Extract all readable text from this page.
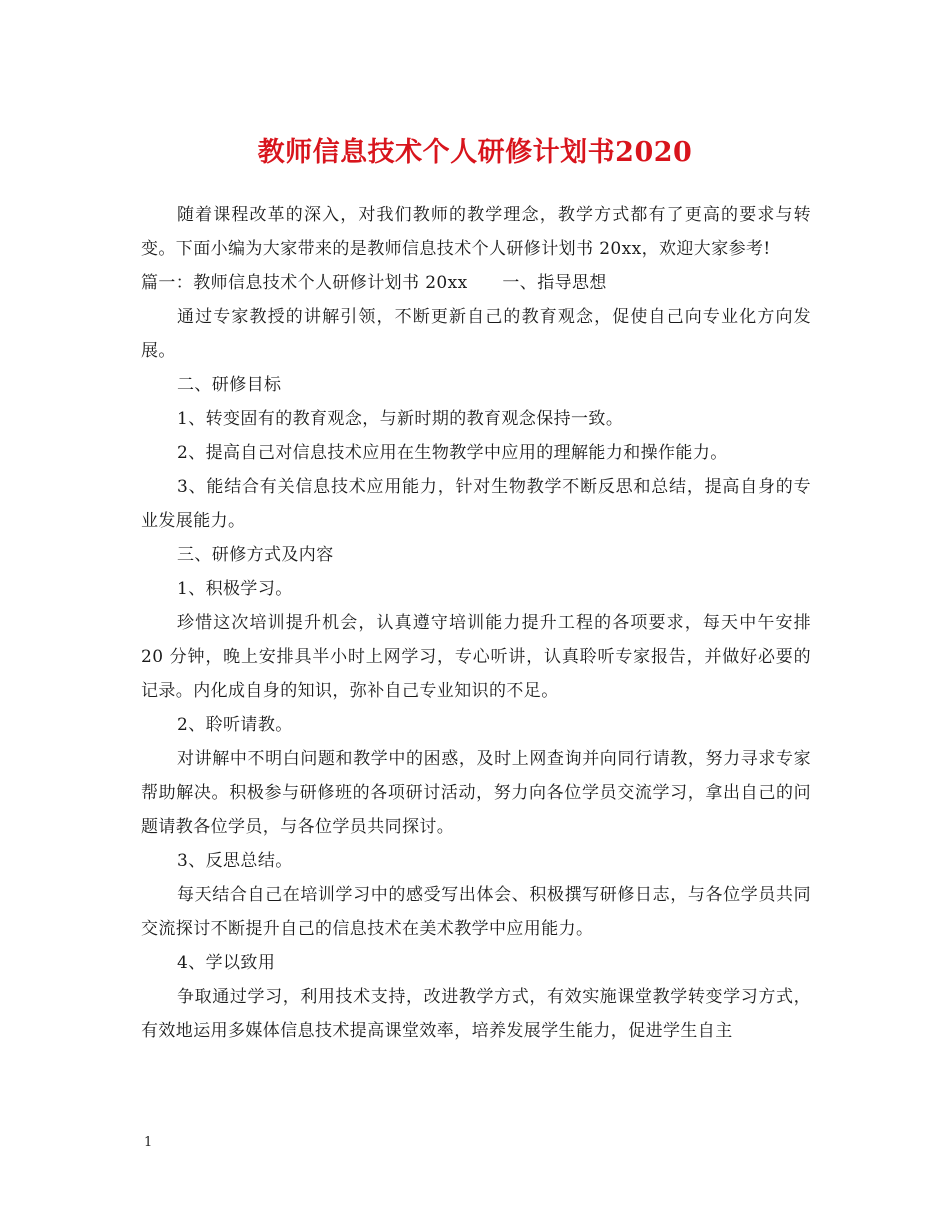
教师信息技术个人研修计划书2020

随着课程改革的深入，对我们教师的教学理念，教学方式都有了更高的要求与转变。下面小编为大家带来的是教师信息技术个人研修计划书 20xx，欢迎大家参考!

篇一：教师信息技术个人研修计划书 20xx　　一、指导思想

通过专家教授的讲解引领，不断更新自己的教育观念，促使自己向专业化方向发展。

二、研修目标

1、转变固有的教育观念，与新时期的教育观念保持一致。

2、提高自己对信息技术应用在生物教学中应用的理解能力和操作能力。

3、能结合有关信息技术应用能力，针对生物教学不断反思和总结，提高自身的专业发展能力。

三、研修方式及内容

1、积极学习。

珍惜这次培训提升机会，认真遵守培训能力提升工程的各项要求，每天中午安排 20 分钟，晚上安排具半小时上网学习，专心听讲，认真聆听专家报告，并做好必要的记录。内化成自身的知识，弥补自己专业知识的不足。

2、聆听请教。

对讲解中不明白问题和教学中的困惑，及时上网查询并向同行请教，努力寻求专家帮助解决。积极参与研修班的各项研讨活动，努力向各位学员交流学习，拿出自己的问题请教各位学员，与各位学员共同探讨。

3、反思总结。

每天结合自己在培训学习中的感受写出体会、积极撰写研修日志，与各位学员共同交流探讨不断提升自己的信息技术在美术教学中应用能力。

4、学以致用

争取通过学习，利用技术支持，改进教学方式，有效实施课堂教学转变学习方式，有效地运用多媒体信息技术提高课堂效率，培养发展学生能力，促进学生自主

1
